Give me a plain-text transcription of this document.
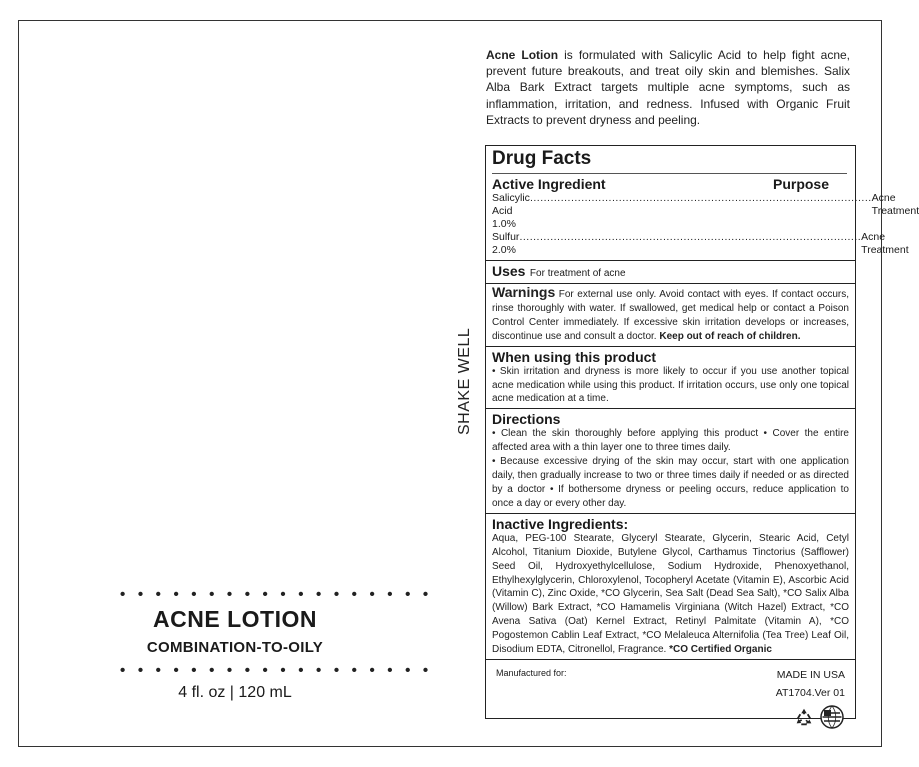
• • • • • • • • • • • • • • • • • •
ACNE LOTION
COMBINATION-TO-OILY
• • • • • • • • • • • • • • • • • •
4 fl. oz | 120 mL
SHAKE WELL
Acne Lotion is formulated with Salicylic Acid to help fight acne, prevent future breakouts, and treat oily skin and blemishes. Salix Alba Bark Extract targets multiple acne symptoms, such as inflammation, irritation, and redness. Infused with Organic Fruit Extracts to prevent dryness and peeling.
Drug Facts
Active Ingredient	Purpose
Salicylic Acid 1.0%
.................................................................................................... Acne Treatment
Sulfur 2.0%
.................................................................................................... Acne Treatment
Uses For treatment of acne
Warnings For external use only. Avoid contact with eyes. If contact occurs, rinse thoroughly with water. If swallowed, get medical help or contact a Poison Control Center immediately. If excessive skin irritation develops or increases, discontinue use and consult a doctor. Keep out of reach of children.
When using this product
• Skin irritation and dryness is more likely to occur if you use another topical acne medication while using this product. If irritation occurs, use only one topical acne medication at a time.
Directions
• Clean the skin thoroughly before applying this product • Cover the entire affected area with a thin layer one to three times daily.
• Because excessive drying of the skin may occur, start with one application daily, then gradually increase to two or three times daily if needed or as directed by a doctor • If bothersome dryness or peeling occurs, reduce application to once a day or every other day.
Inactive Ingredients:
Aqua, PEG-100 Stearate, Glyceryl Stearate, Glycerin, Stearic Acid, Cetyl Alcohol, Titanium Dioxide, Butylene Glycol, Carthamus Tinctorius (Safflower) Seed Oil, Hydroxyethylcellulose, Sodium Hydroxide, Phenoxyethanol, Ethylhexylglycerin, Chloroxylenol, Tocopheryl Acetate (Vitamin E), Ascorbic Acid (Vitamin C), Zinc Oxide, *CO Glycerin, Sea Salt (Dead Sea Salt), *CO Salix Alba (Willow) Bark Extract, *CO Hamamelis Virginiana (Witch Hazel) Extract, *CO Avena Sativa (Oat) Kernel Extract, Retinyl Palmitate (Vitamin A), *CO Pogostemon Cablin Leaf Extract, *CO Melaleuca Alternifolia (Tea Tree) Leaf Oil, Disodium EDTA, Citronellol, Fragrance. *CO Certified Organic
Manufactured for:	MADE IN USA
AT1704.Ver 01
